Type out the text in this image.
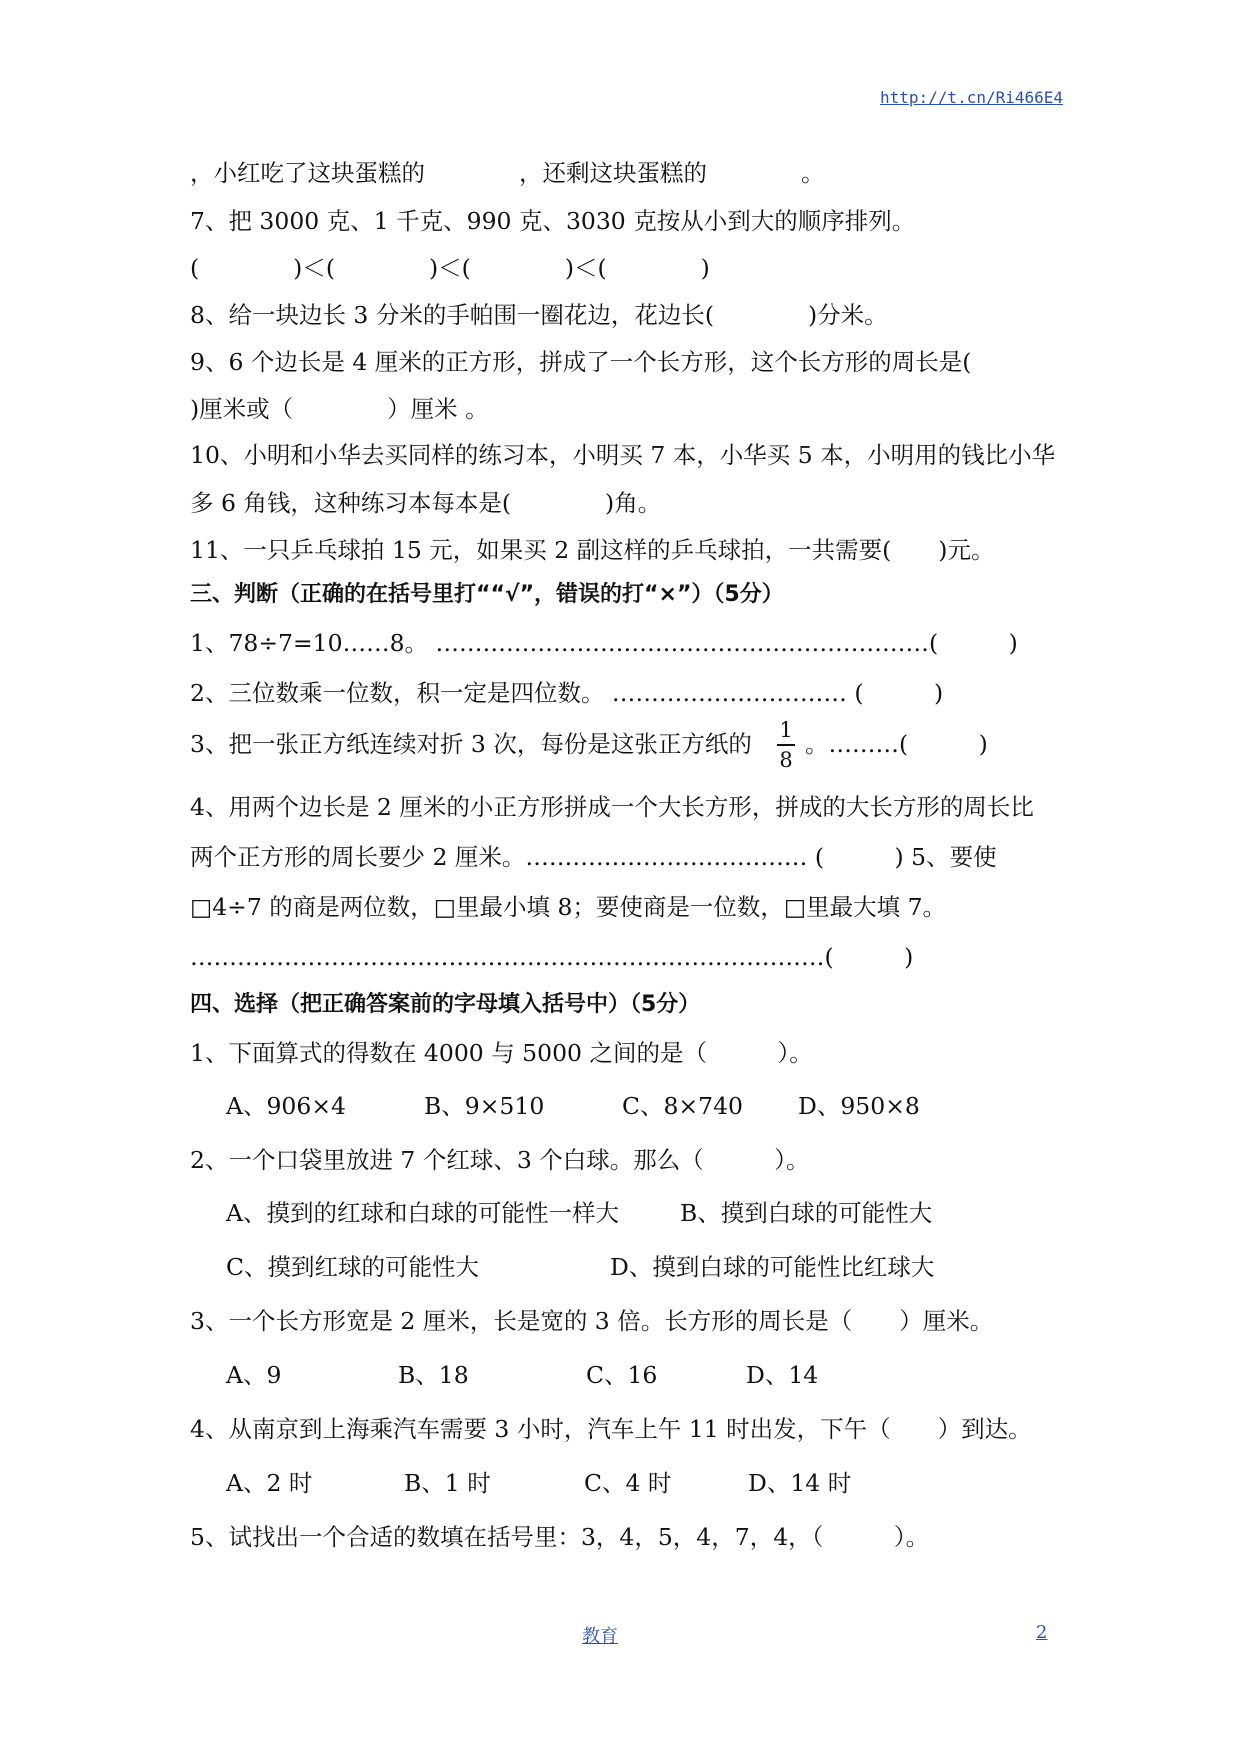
http://t.cn/Ri466E4
，小红吃了这块蛋糕的　　　　，还剩这块蛋糕的　　　　。
7、把 3000 克、1 千克、990 克、3030 克按从小到大的顺序排列。
(　　　　)＜(　　　　)＜(　　　　)＜(　　　　)
8、给一块边长 3 分米的手帕围一圈花边，花边长(　　　　)分米。
9、6 个边长是 4 厘米的正方形，拼成了一个长方形，这个长方形的周长是(
)厘米或（　　　　）厘米 。
10、小明和小华去买同样的练习本，小明买 7 本，小华买 5 本，小明用的钱比小华
多 6 角钱，这种练习本每本是(　　　　)角。
11、一只乒乓球拍 15 元，如果买 2 副这样的乒乓球拍，一共需要(　　)元。
三、判断（正确的在括号里打““√”，错误的打“×”）（5分）
1、78÷7=10……8。 ………………………………………………………(　　　)
2、三位数乘一位数，积一定是四位数。 ………………………… (　　　)
3、把一张正方纸连续对折 3 次，每份是这张正方纸的 1
8
。………(　　　)
4、用两个边长是 2 厘米的小正方形拼成一个大长方形，拼成的大长方形的周长比
两个正方形的周长要少 2 厘米。……………………………… (　　　) 5、要使
□4÷7 的商是两位数，□里最小填 8；要使商是一位数，□里最大填 7。
………………………………………………………………………(　　　)
四、选择（把正确答案前的字母填入括号中）（5分）
1、下面算式的得数在 4000 与 5000 之间的是（　　　）。
A、906×4	B、9×510	C、8×740 D、950×8
2、一个口袋里放进 7 个红球、3 个白球。那么（　　　）。
A、摸到的红球和白球的可能性一样大	B、摸到白球的可能性大
C、摸到红球的可能性大	D、摸到白球的可能性比红球大
3、一个长方形宽是 2 厘米，长是宽的 3 倍。长方形的周长是（　　）厘米。
A、9	B、18	C、16	D、14
4、从南京到上海乘汽车需要 3 小时，汽车上午 11 时出发，下午（　　）到达。
A、2 时	B、1 时	C、4 时	D、14 时
5、试找出一个合适的数填在括号里：3，4，5，4，7，4，（　　　）。
教育	2
